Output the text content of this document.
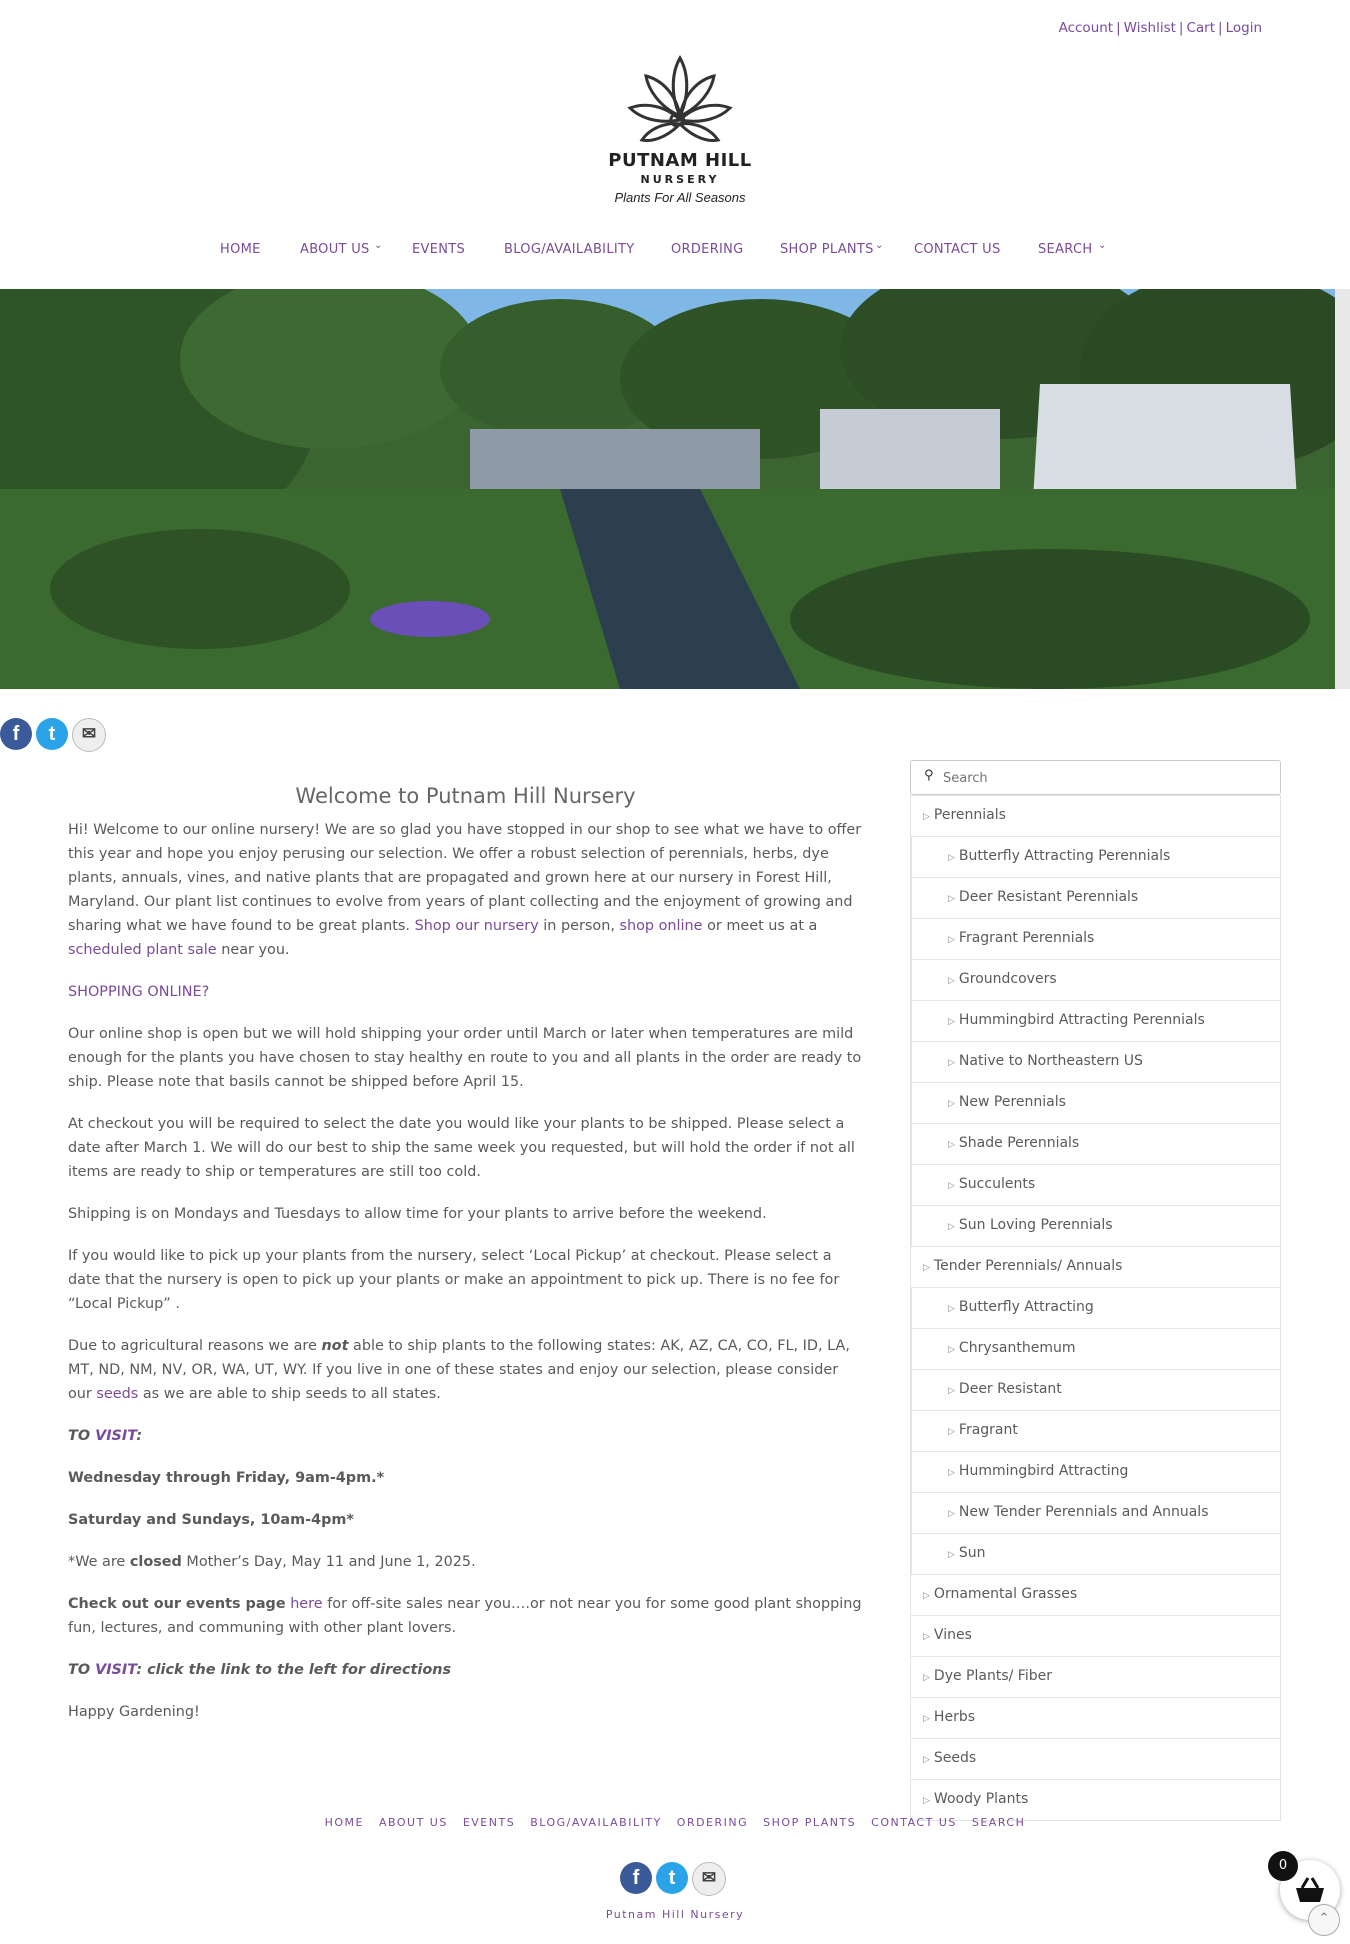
Account | Wishlist | Cart | Login
PUTNAM HILL
NURSERY
Plants For All Seasons
HOME	ABOUT US ⌄ EVENTS	BLOG/AVAILABILITY	ORDERING	SHOP PLANTS ⌄ CONTACT US	SEARCH ⌄
f	t	✉
Welcome to Putnam Hill Nursery

Hi! Welcome to our online nursery! We are so glad you have stopped in our shop to see what we have to offer this year and hope you enjoy perusing our selection. We offer a robust selection of perennials, herbs, dye plants, annuals, vines, and native plants that are propagated and grown here at our nursery in Forest Hill, Maryland. Our plant list continues to evolve from years of plant collecting and the enjoyment of growing and sharing what we have found to be great plants. Shop our nursery in person, shop online or meet us at a scheduled plant sale near you.

SHOPPING ONLINE?

Our online shop is open but we will hold shipping your order until March or later when temperatures are mild enough for the plants you have chosen to stay healthy en route to you and all plants in the order are ready to ship. Please note that basils cannot be shipped before April 15.

At checkout you will be required to select the date you would like your plants to be shipped. Please select a date after March 1. We will do our best to ship the same week you requested, but will hold the order if not all items are ready to ship or temperatures are still too cold.

Shipping is on Mondays and Tuesdays to allow time for your plants to arrive before the weekend.

If you would like to pick up your plants from the nursery, select ‘Local Pickup’ at checkout. Please select a date that the nursery is open to pick up your plants or make an appointment to pick up. There is no fee for “Local Pickup” .

Due to agricultural reasons we are not able to ship plants to the following states: AK, AZ, CA, CO, FL, ID, LA, MT, ND, NM, NV, OR, WA, UT, WY. If you live in one of these states and enjoy our selection, please consider our seeds as we are able to ship seeds to all states.

TO VISIT:

Wednesday through Friday, 9am-4pm.*

Saturday and Sundays, 10am-4pm*

*We are closed Mother’s Day, May 11 and June 1, 2025.

Check out our events page here for off-site sales near you….or not near you for some good plant shopping fun, lectures, and communing with other plant lovers.

TO VISIT: click the link to the left for directions

Happy Gardening!

⚲
Search
▷ Perennials
▷ Butterfly Attracting Perennials
▷ Deer Resistant Perennials
▷ Fragrant Perennials
▷ Groundcovers
▷ Hummingbird Attracting Perennials
▷ Native to Northeastern US
▷ New Perennials
▷ Shade Perennials
▷ Succulents
▷ Sun Loving Perennials
▷ Tender Perennials/ Annuals
▷ Butterfly Attracting
▷ Chrysanthemum
▷ Deer Resistant
▷ Fragrant
▷ Hummingbird Attracting
▷ New Tender Perennials and Annuals
▷ Sun
▷ Ornamental Grasses
▷ Vines
▷ Dye Plants/ Fiber
▷ Herbs
▷ Seeds
▷ Woody Plants
HOME ABOUT US EVENTS BLOG/AVAILABILITY ORDERING SHOP PLANTS CONTACT US SEARCH
f	t	✉
Putnam Hill Nursery
0
⌃
